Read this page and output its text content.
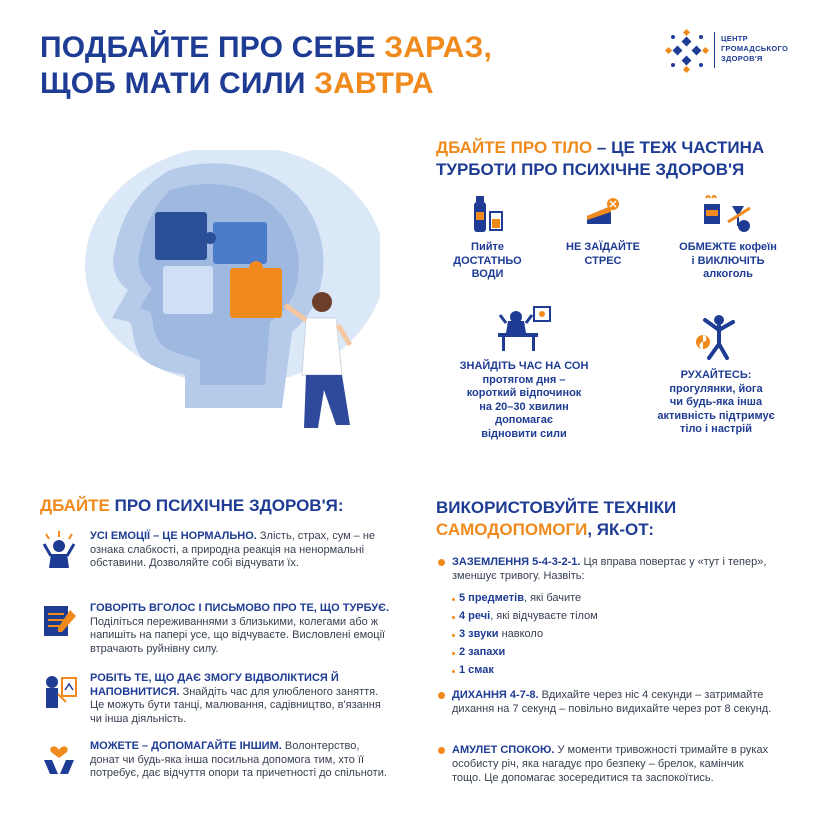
ПОДБАЙТЕ ПРО СЕБЕ ЗАРАЗ,
ЩОБ МАТИ СИЛИ ЗАВТРА
ЦЕНТР
ГРОМАДСЬКОГО
ЗДОРОВ'Я
ДБАЙТЕ ПРО ТІЛО – ЦЕ ТЕЖ ЧАСТИНА
ТУРБОТИ ПРО ПСИХІЧНЕ ЗДОРОВ'Я
Пийте
ДОСТАТНЬО
ВОДИ
НЕ ЗАЇДАЙТЕ
СТРЕС
ОБМЕЖТЕ кофеїн
і ВИКЛЮЧІТЬ
алкоголь
ЗНАЙДІТЬ ЧАС НА СОН
протягом дня –
короткий відпочинок
на 20–30 хвилин
допомагає
відновити сили
РУХАЙТЕСЬ:
прогулянки, йога
чи будь-яка інша
активність підтримує
тіло і настрій
ДБАЙТЕ ПРО ПСИХІЧНЕ ЗДОРОВ'Я:
УСІ ЕМОЦІЇ – ЦЕ НОРМАЛЬНО. Злість, страх, сум – не ознака слабкості, а природна реакція на ненормальні обставини. Дозволяйте собі відчувати їх.
ГОВОРІТЬ ВГОЛОС І ПИСЬМОВО ПРО ТЕ, ЩО ТУРБУЄ. Поділіться переживаннями з близькими, колегами або ж напишіть на папері усе, що відчуваєте. Висловлені емоції втрачають руйнівну силу.
РОБІТЬ ТЕ, ЩО ДАЄ ЗМОГУ ВІДВОЛІКТИСЯ Й НАПОВНИТИСЯ. Знайдіть час для улюбленого заняття. Це можуть бути танці, малювання, садівництво, в'язання чи інша діяльність.
МОЖЕТЕ – ДОПОМАГАЙТЕ ІНШИМ. Волонтерство, донат чи будь-яка інша посильна допомога тим, хто її потребує, дає відчуття опори та причетності до спільноти.
ВИКОРИСТОВУЙТЕ ТЕХНІКИ
САМОДОПОМОГИ, ЯК-ОТ:
ЗАЗЕМЛЕННЯ 5-4-3-2-1. Ця вправа повертає у «тут і тепер», зменшує тривогу. Назвіть:
5 предметів, які бачите
4 речі, які відчуваєте тілом
3 звуки навколо
2 запахи
1 смак
ДИХАННЯ 4-7-8. Вдихайте через ніс 4 секунди – затримайте дихання на 7 секунд – повільно видихайте через рот 8 секунд.
АМУЛЕТ СПОКОЮ. У моменти тривожності тримайте в руках особисту річ, яка нагадує про безпеку – брелок, камінчик тощо. Це допомагає зосередитися та заспокоїтись.
